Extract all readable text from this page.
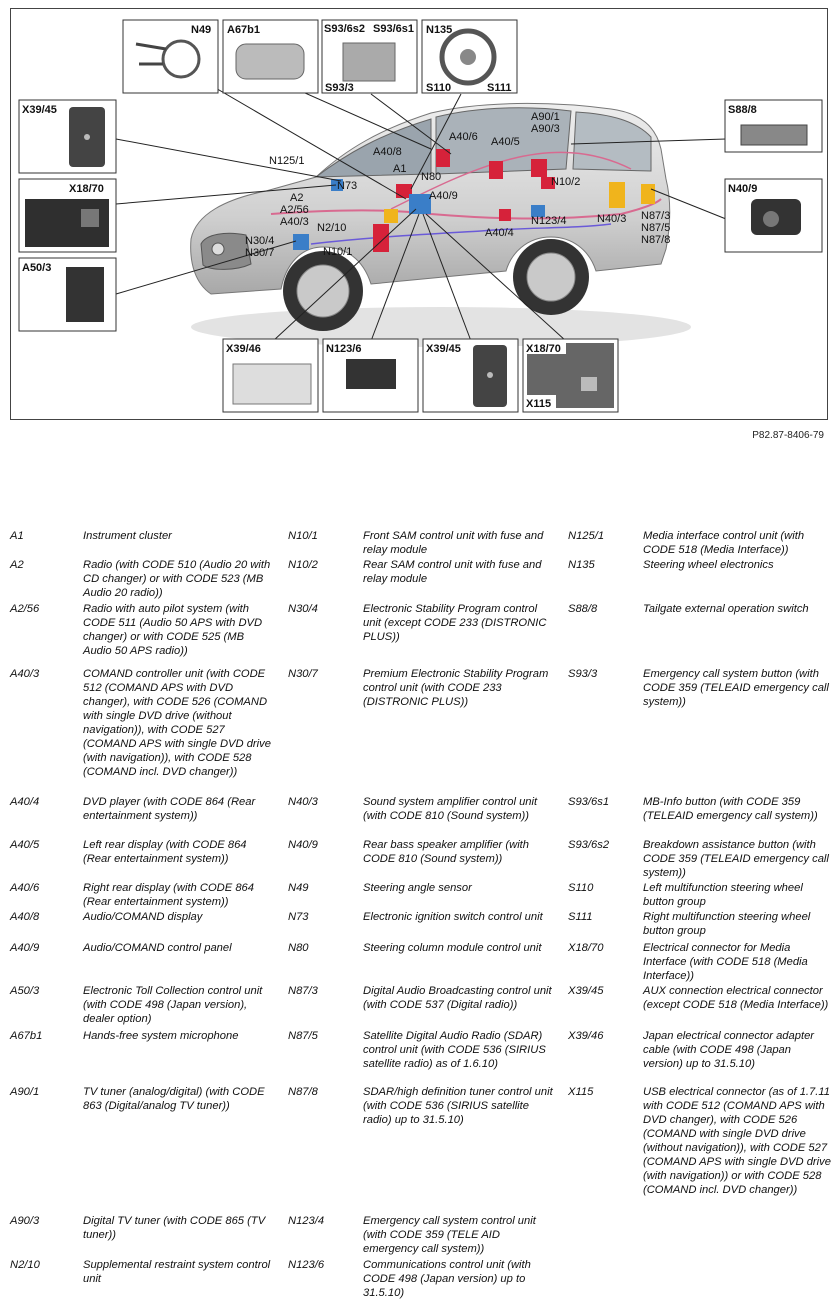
N125/1
N73
A40/8
A1
N80
A40/6 A40/5
A90/1
A90/3
N10/2
A2
A2/56
A40/3 N2/10
A40/9
N30/4
N30/7	N10/1
A40/4
N123/4	N40/3 N87/3
N87/5
N87/8
N49 A67b1	S93/6s2 S93/6s1
S93/3
N135
S110	S111
X39/45
X18/70
A50/3
S88/8
N40/9
X39/46	N123/6	X39/45	X18/70
X115
P82.87-8406-79
A1	Instrument cluster
A2	Radio (with CODE 510 (Audio 20 with CD changer) or with CODE 523 (MB Audio 20 radio))
A2/56	Radio with auto pilot system (with CODE 511 (Audio 50 APS with DVD changer) or with CODE 525 (MB Audio 50 APS radio))
A40/3	COMAND controller unit (with CODE 512 (COMAND APS with DVD changer), with CODE 526 (COMAND with single DVD drive (without navigation)), with CODE 527 (COMAND APS with single DVD drive (with navigation)), with CODE 528 (COMAND incl. DVD changer))
A40/4	DVD player (with CODE 864 (Rear entertainment system))
A40/5	Left rear display (with CODE 864 (Rear entertainment system))
A40/6	Right rear display (with CODE 864 (Rear entertainment system))
A40/8	Audio/COMAND display
A40/9	Audio/COMAND control panel
A50/3	Electronic Toll Collection control unit (with CODE 498 (Japan version), dealer option)
A67b1	Hands-free system microphone
A90/1	TV tuner (analog/digital) (with CODE 863 (Digital/analog TV tuner))
A90/3	Digital TV tuner (with CODE 865 (TV tuner))
N2/10	Supplemental restraint system control unit
N10/1	Front SAM control unit with fuse and relay module
N10/2	Rear SAM control unit with fuse and relay module
N30/4	Electronic Stability Program control unit (except CODE 233 (DISTRONIC PLUS))
N30/7	Premium Electronic Stability Program control unit (with CODE 233 (DISTRONIC PLUS))
N40/3	Sound system amplifier control unit (with CODE 810 (Sound system))
N40/9	Rear bass speaker amplifier (with CODE 810 (Sound system))
N49	Steering angle sensor
N73	Electronic ignition switch control unit
N80	Steering column module control unit
N87/3	Digital Audio Broadcasting control unit (with CODE 537 (Digital radio))
N87/5	Satellite Digital Audio Radio (SDAR) control unit (with CODE 536 (SIRIUS satellite radio) as of 1.6.10)
N87/8	SDAR/high definition tuner control unit (with CODE 536 (SIRIUS satellite radio) up to 31.5.10)
N123/4	Emergency call system control unit (with CODE 359 (TELE AID emergency call system))
N123/6	Communications control unit (with CODE 498 (Japan version) up to 31.5.10)
N125/1	Media interface control unit (with CODE 518 (Media Interface))
N135	Steering wheel electronics
S88/8	Tailgate external operation switch
S93/3	Emergency call system button (with CODE 359 (TELEAID emergency call system))
S93/6s1	MB-Info button (with CODE 359 (TELEAID emergency call system))
S93/6s2	Breakdown assistance button (with CODE 359 (TELEAID emergency call system))
S110	Left multifunction steering wheel button group
S111	Right multifunction steering wheel button group
X18/70	Electrical connector for Media Interface (with CODE 518 (Media Interface))
X39/45	AUX connection electrical connector (except CODE 518 (Media Interface))
X39/46	Japan electrical connector adapter cable (with CODE 498 (Japan version) up to 31.5.10)
X115	USB electrical connector (as of 1.7.11 with CODE 512 (COMAND APS with DVD changer), with CODE 526 (COMAND with single DVD drive (without navigation)), with CODE 527 (COMAND APS with single DVD drive (with navigation)) or with CODE 528 (COMAND incl. DVD changer))
